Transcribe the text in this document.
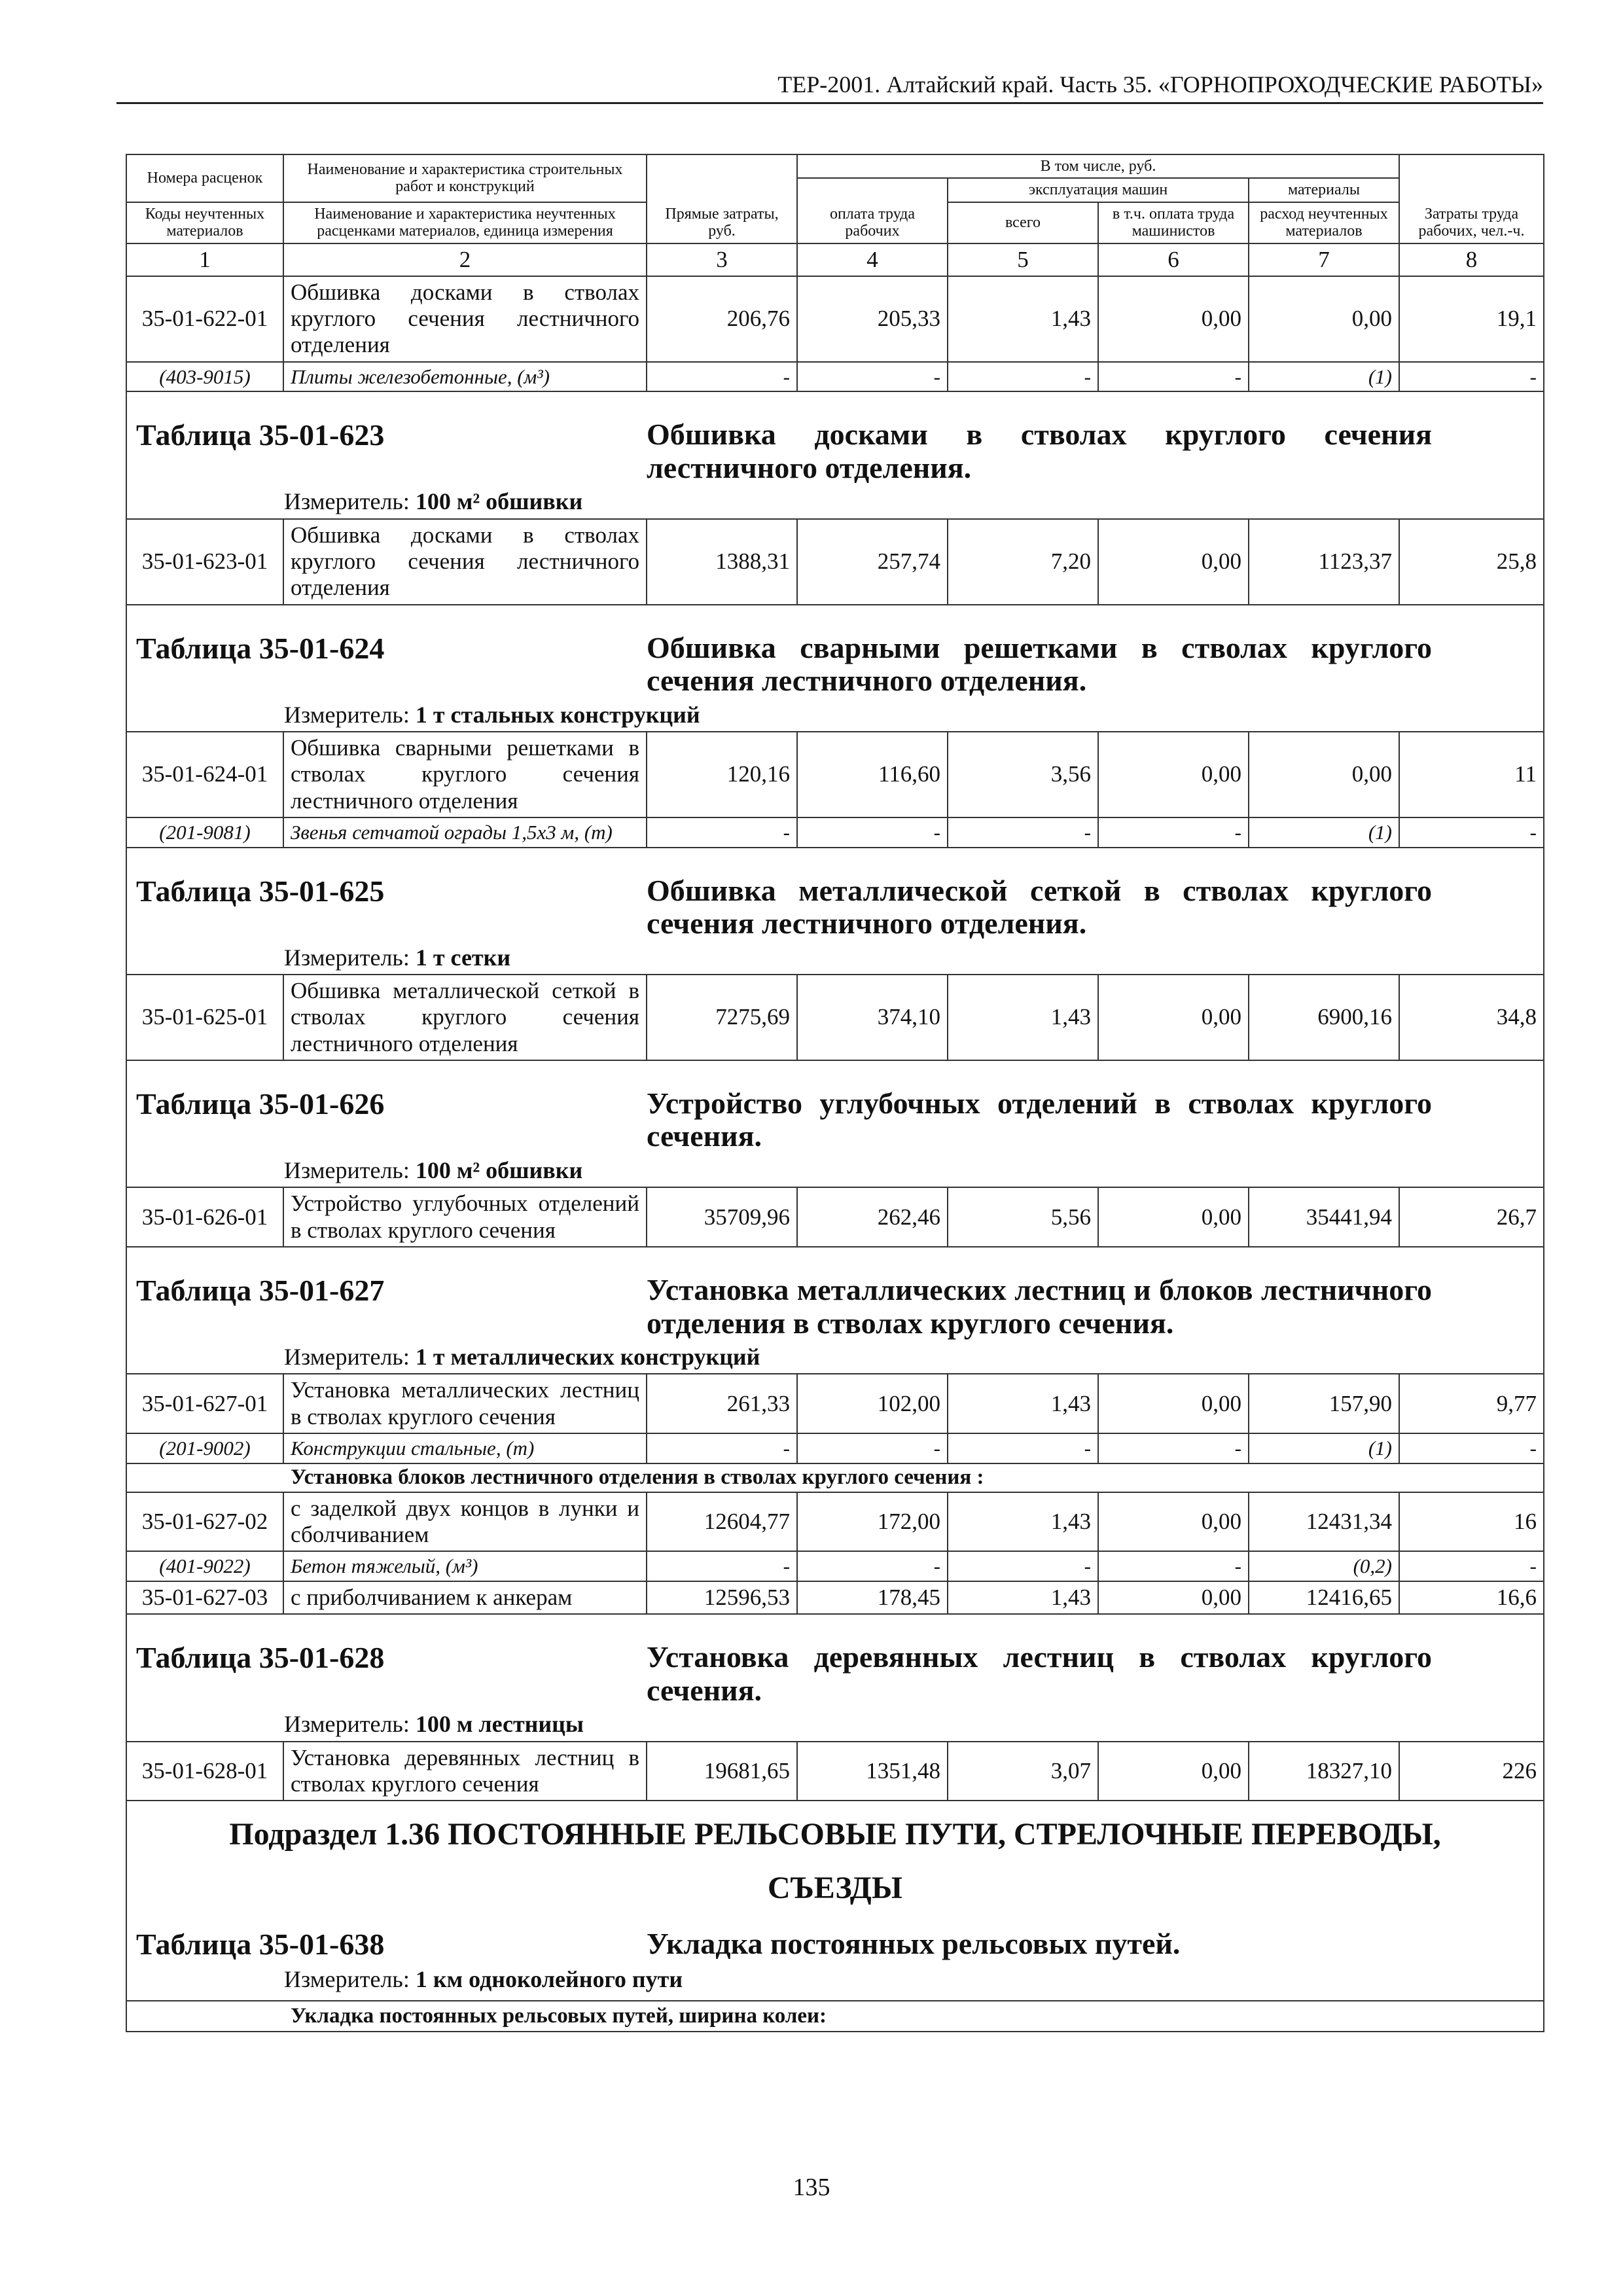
ТЕР-2001. Алтайский край. Часть 35. «ГОРНОПРОХОДЧЕСКИЕ РАБОТЫ»
Номера расценок	Наименование и характеристика строительных работ и конструкций	Прямые затраты, руб.	В том числе, руб.				Затраты труда рабочих, чел.-ч.
			оплата труда рабочих	эксплуатация машин		материалы	
Коды неучтенных материалов	Наименование и характеристика неучтенных расценками материалов, единица измерения			всего	в т.ч. оплата труда машинистов	расход неучтенных материалов	
1	2	3	4	5	6	7	8
35-01-622-01	Обшивка досками в стволах круглого сечения лестничного отделения	206,76	205,33	1,43	0,00	0,00	19,1
(403-9015)	Плиты железобетонные, (м³)	-	-	-	-	(1)	-

Таблица 35-01-623 Обшивка досками в стволах круглого сечения лестничного отделения.
Измеритель: 100 м² обшивки							

35-01-623-01	Обшивка досками в стволах круглого сечения лестничного отделения	1388,31	257,74	7,20	0,00	1123,37	25,8

Таблица 35-01-624 Обшивка сварными решетками в стволах круглого сечения лестничного отделения.
Измеритель: 1 т стальных конструкций							

35-01-624-01	Обшивка сварными решетками в стволах круглого сечения лестничного отделения	120,16	116,60	3,56	0,00	0,00	11
(201-9081)	Звенья сетчатой ограды 1,5х3 м, (т)	-	-	-	-	(1)	-

Таблица 35-01-625 Обшивка металлической сеткой в стволах круглого сечения лестничного отделения.
Измеритель: 1 т сетки							

35-01-625-01	Обшивка металлической сеткой в стволах круглого сечения лестничного отделения	7275,69	374,10	1,43	0,00	6900,16	34,8

Таблица 35-01-626 Устройство углубочных отделений в стволах круглого сечения.
Измеритель: 100 м² обшивки							

35-01-626-01	Устройство углубочных отделений в стволах круглого сечения	35709,96	262,46	5,56	0,00	35441,94	26,7

Таблица 35-01-627 Установка металлических лестниц и блоков лестничного отделения в стволах круглого сечения.
Измеритель: 1 т металлических конструкций							

35-01-627-01	Установка металлических лестниц в стволах круглого сечения	261,33	102,00	1,43	0,00	157,90	9,77
(201-9002)	Конструкции стальные, (т)	-	-	-	-	(1)	-

Установка блоков лестничного отделения в стволах круглого сечения :							

35-01-627-02	с заделкой двух концов в лунки и сболчиванием	12604,77	172,00	1,43	0,00	12431,34	16
(401-9022)	Бетон тяжелый, (м³)	-	-	-	-	(0,2)	-
35-01-627-03	с приболчиванием к анкерам	12596,53	178,45	1,43	0,00	12416,65	16,6

Таблица 35-01-628 Установка деревянных лестниц в стволах круглого сечения.
Измеритель: 100 м лестницы							

35-01-628-01	Установка деревянных лестниц в стволах круглого сечения	19681,65	1351,48	3,07	0,00	18327,10	226

Подраздел 1.36 ПОСТОЯННЫЕ РЕЛЬСОВЫЕ ПУТИ, СТРЕЛОЧНЫЕ ПЕРЕВОДЫ,
СЪЕЗДЫ
Таблица 35-01-638 Укладка постоянных рельсовых путей.
Измеритель: 1 км одноколейного пути							

Укладка постоянных рельсовых путей, ширина колеи:							
135
